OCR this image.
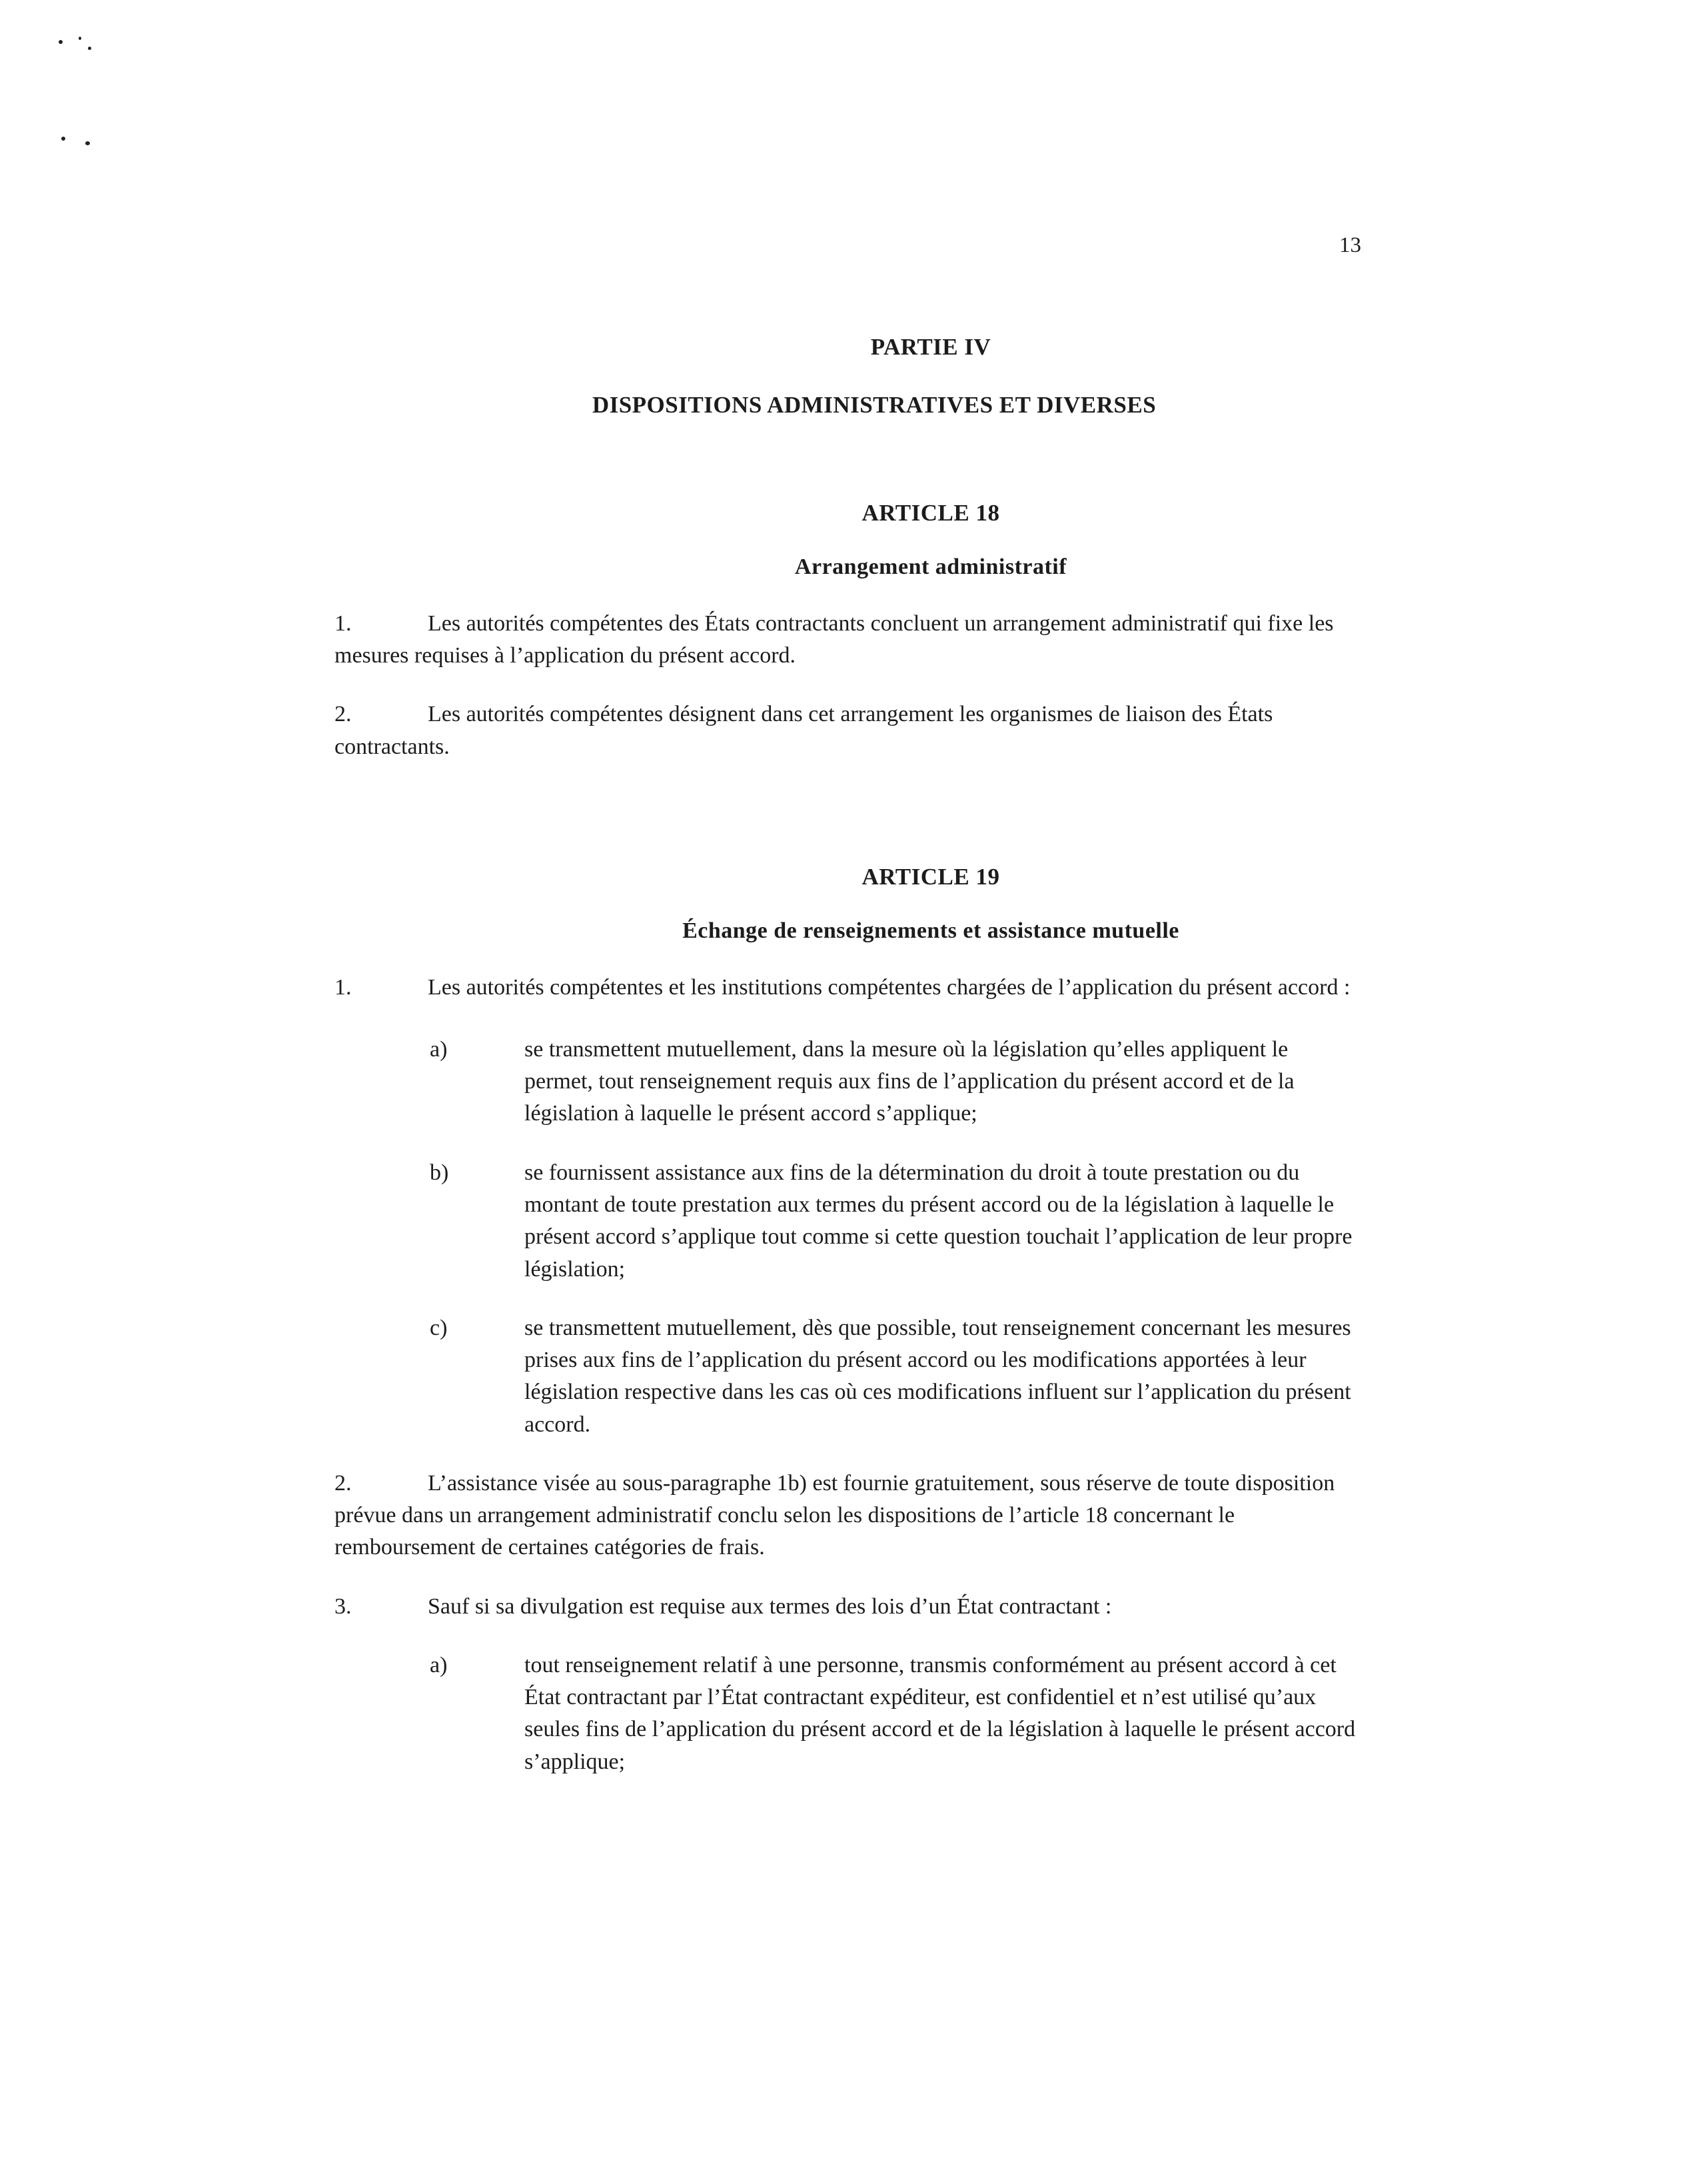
13
PARTIE IV
DISPOSITIONS ADMINISTRATIVES ET DIVERSES
ARTICLE 18
Arrangement administratif

1.	Les autorités compétentes des États contractants concluent un arrangement administratif qui fixe les mesures requises à l’application du présent accord.

2.	Les autorités compétentes désignent dans cet arrangement les organismes de liaison des États contractants.

ARTICLE 19
Échange de renseignements et assistance mutuelle

1.	Les autorités compétentes et les institutions compétentes chargées de l’application du présent accord :

a)	se transmettent mutuellement, dans la mesure où la législation qu’elles appliquent le permet, tout renseignement requis aux fins de l’application du présent accord et de la législation à laquelle le présent accord s’applique;
b)	se fournissent assistance aux fins de la détermination du droit à toute prestation ou du montant de toute prestation aux termes du présent accord ou de la législation à laquelle le présent accord s’applique tout comme si cette question touchait l’application de leur propre législation;
c)	se transmettent mutuellement, dès que possible, tout renseignement concernant les mesures prises aux fins de l’application du présent accord ou les modifications apportées à leur législation respective dans les cas où ces modifications influent sur l’application du présent accord.

2.	L’assistance visée au sous-paragraphe 1b) est fournie gratuitement, sous réserve de toute disposition prévue dans un arrangement administratif conclu selon les dispositions de l’article 18 concernant le remboursement de certaines catégories de frais.

3.	Sauf si sa divulgation est requise aux termes des lois d’un État contractant :

a)	tout renseignement relatif à une personne, transmis conformément au présent accord à cet État contractant par l’État contractant expéditeur, est confidentiel et n’est utilisé qu’aux seules fins de l’application du présent accord et de la législation à laquelle le présent accord s’applique;
